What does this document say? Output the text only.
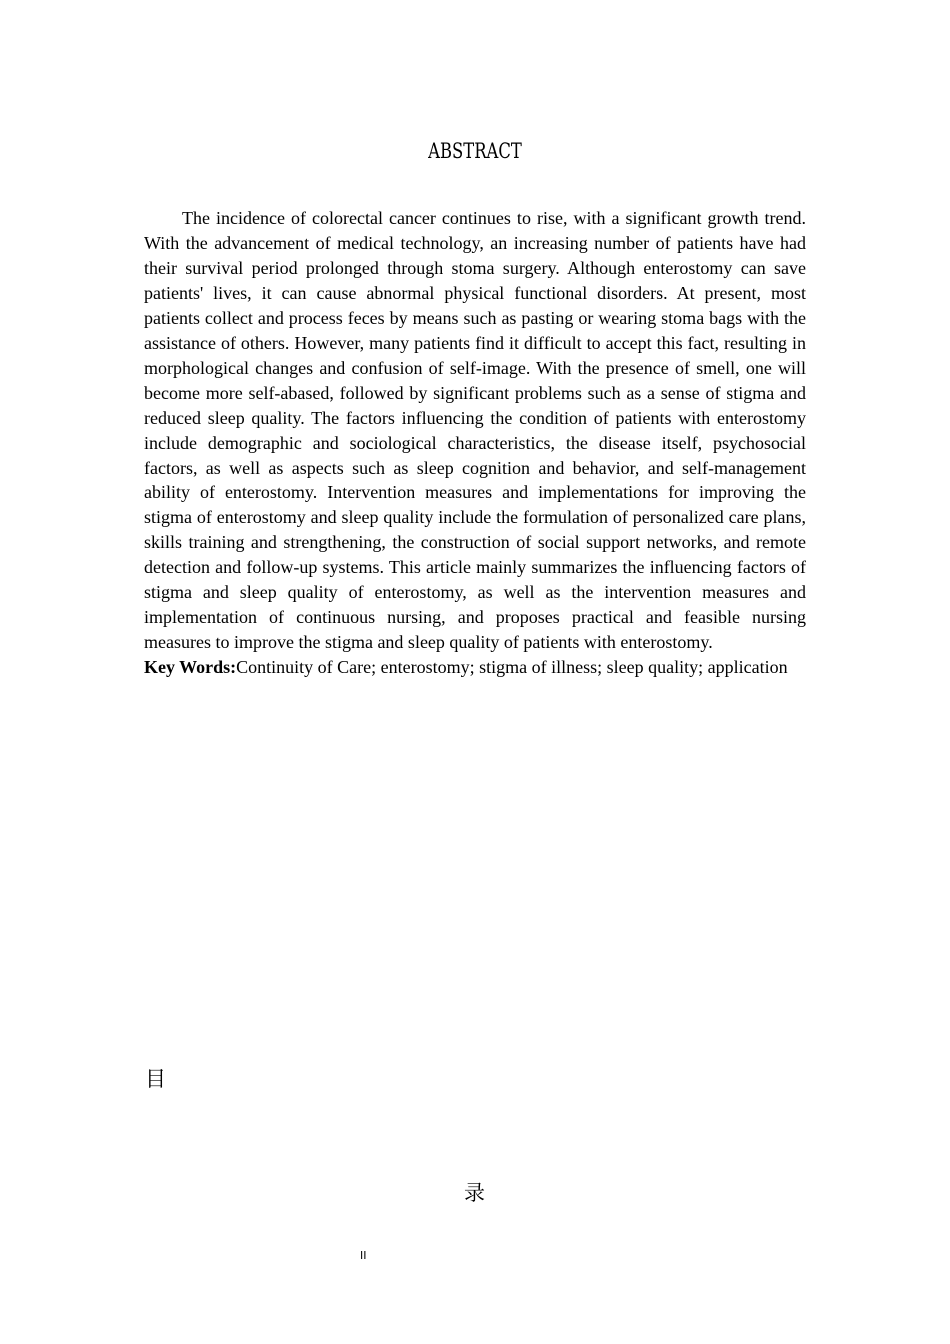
ABSTRACT

The incidence of colorectal cancer continues to rise, with a significant growth trend. With the advancement of medical technology, an increasing number of patients have had their survival period prolonged through stoma surgery. Although enterostomy can save patients' lives, it can cause abnormal physical functional disorders. At present, most patients collect and process feces by means such as pasting or wearing stoma bags with the assistance of others. However, many patients find it difficult to accept this fact, resulting in morphological changes and confusion of self-image. With the presence of smell, one will become more self-abased, followed by significant problems such as a sense of stigma and reduced sleep quality. The factors influencing the condition of patients with enterostomy include demographic and sociological characteristics, the disease itself, psychosocial factors, as well as aspects such as sleep cognition and behavior, and self-management ability of enterostomy. Intervention measures and implementations for improving the stigma of enterostomy and sleep quality include the formulation of personalized care plans, skills training and strengthening, the construction of social support networks, and remote detection and follow-up systems. This article mainly summarizes the influencing factors of stigma and sleep quality of enterostomy, as well as the intervention measures and implementation of continuous nursing, and proposes practical and feasible nursing measures to improve the stigma and sleep quality of patients with enterostomy.

Key Words:Continuity of Care; enterostomy; stigma of illness; sleep quality; application

目
录
II
